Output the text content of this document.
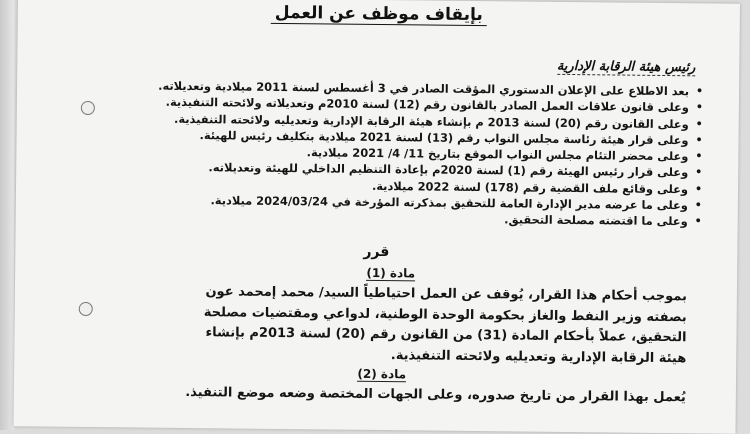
بإيقاف موظف عن العمل
رئيس هيئة الرقابة الإدارية
• بعد الاطلاع على الإعلان الدستوري المؤقت الصادر في 3 أغسطس لسنة 2011 ميلادية وتعديلاته.
• وعلى قانون علاقات العمل الصادر بالقانون رقم (12) لسنة 2010م وتعديلاته ولائحته التنفيذية.
• وعلى القانون رقم (20) لسنة 2013 م بإنشاء هيئة الرقابة الإدارية وتعديليه ولائحته التنفيذية.
• وعلى قرار هيئة رئاسة مجلس النواب رقم (13) لسنة 2021 ميلادية بتكليف رئيس للهيئة.
• وعلى محضر التئام مجلس النواب الموقع بتاريخ 11/ 4/ 2021 ميلادية.
• وعلى قرار رئيس الهيئة رقم (1) لسنة 2020م بإعادة التنظيم الداخلي للهيئة وتعديلاته.
• وعلى وقائع ملف القضية رقم (178) لسنة 2022 ميلادية.
• وعلى ما عرضه مدير الإدارة العامة للتحقيق بمذكرته المؤرخة في 2024/03/24 ميلادية.
• وعلى ما اقتضته مصلحة التحقيق.
قرر
مادة (1)
بموجب أحكام هذا القرار، يُوقف عن العمل احتياطياً السيد/ محمد إمحمد عون
بصفته وزير النفط والغاز بحكومة الوحدة الوطنية، لدواعي ومقتضيات مصلحة
التحقيق، عملاً بأحكام المادة (31) من القانون رقم (20) لسنة 2013م بإنشاء
هيئة الرقابة الإدارية وتعديليه ولائحته التنفيذية.
مادة (2)
يُعمل بهذا القرار من تاريخ صدوره، وعلى الجهات المختصة وضعه موضع التنفيذ.
